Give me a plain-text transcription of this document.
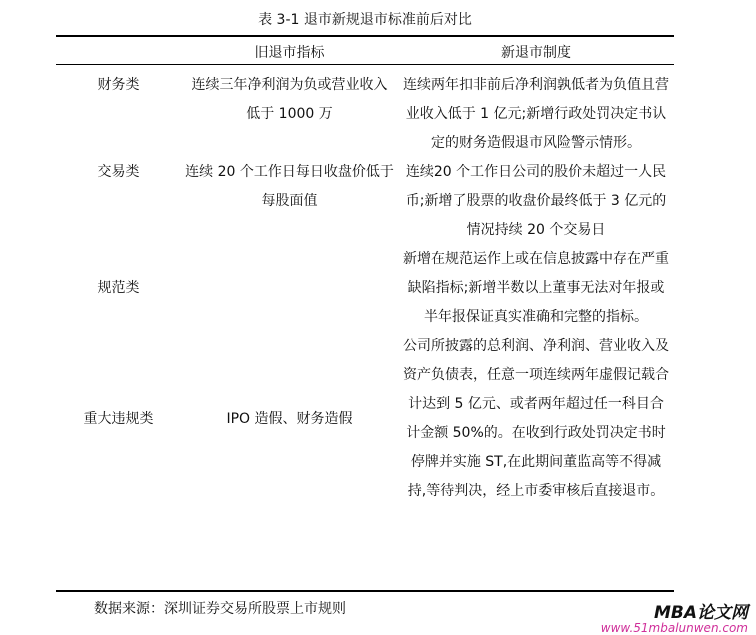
表 3-1 退市新规退市标准前后对比
	旧退市指标	新退市制度

财务类	连续三年净利润为负或营业收入低于 1000 万	连续两年扣非前后净利润孰低者为负值且营业收入低于 1 亿元;新增行政处罚决定书认定的财务造假退市风险警示情形。

交易类	连续 20 个工作日每日收盘价低于每股面值	连续20 个工作日公司的股价未超过一人民币;新增了股票的收盘价最终低于 3 亿元的情况持续 20 个交易日

规范类		新增在规范运作上或在信息披露中存在严重缺陷指标;新增半数以上董事无法对年报或半年报保证真实准确和完整的指标。

重大违规类	IPO 造假、财务造假	公司所披露的总利润、净利润、营业收入及资产负债表，任意一项连续两年虚假记载合计达到 5 亿元、或者两年超过任一科目合计金额 50%的。在收到行政处罚决定书时停牌并实施 ST,在此期间董监高等不得减持,等待判决，经上市委审核后直接退市。
数据来源：深圳证券交易所股票上市规则	MBA论文网
www.51mbalunwen.com
